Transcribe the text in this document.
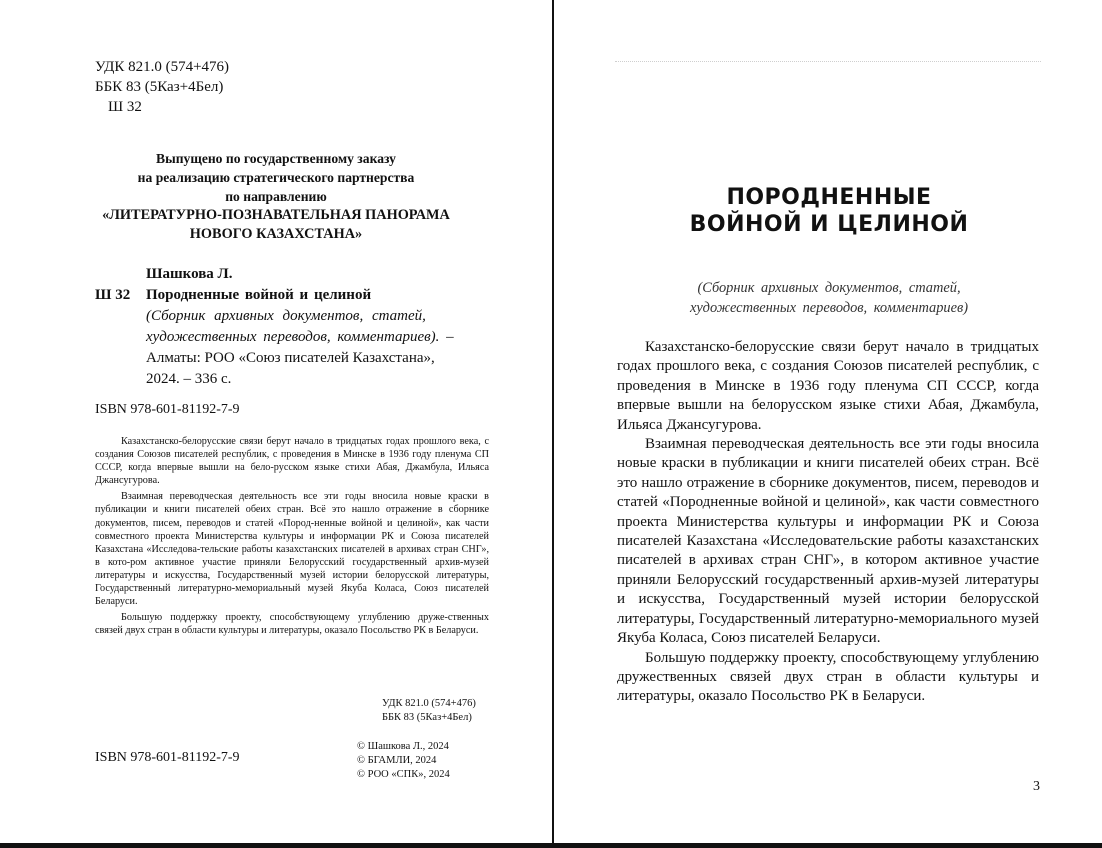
УДК 821.0 (574+476)
ББК 83 (5Каз+4Бел)
Ш 32
Выпущено по государственному заказу
на реализацию стратегического партнерства
по направлению
«ЛИТЕРАТУРНО-ПОЗНАВАТЕЛЬНАЯ ПАНОРАМА
НОВОГО КАЗАХСТАНА»
Шашкова Л.
Ш 32 Породненные войной и целиной
(Сборник архивных документов, статей,
художественных переводов, комментариев). –
Алматы: РОО «Союз писателей Казахстана»,
2024. – 336 с.
ISBN 978-601-81192-7-9

Казахстанско-белорусские связи берут начало в тридцатых годах прошлого века, с создания Союзов писателей республик, с проведения в Минске в 1936 году пленума СП СССР, когда впервые вышли на бело-русском языке стихи Абая, Джамбула, Ильяса Джансугурова.

Взаимная переводческая деятельность все эти годы вносила новые краски в публикации и книги писателей обеих стран. Всё это нашло отражение в сборнике документов, писем, переводов и статей «Пород-ненные войной и целиной», как части совместного проекта Министерства культуры и информации РК и Союза писателей Казахстана «Исследова-тельские работы казахстанских писателей в архивах стран СНГ», в кото-ром активное участие приняли Белорусский государственный архив-музей литературы и искусства, Государственный музей истории белорусской литературы, Государственный литературно-мемориальный музей Якуба Коласа, Союз писателей Беларуси.

Большую поддержку проекту, способствующему углублению друже-ственных связей двух стран в области культуры и литературы, оказало Посольство РК в Беларуси.

УДК 821.0 (574+476)
ББК 83 (5Каз+4Бел)
ISBN 978-601-81192-7-9
© Шашкова Л., 2024
© БГАМЛИ, 2024
© РОО «СПК», 2024
ПОРОДНЕННЫЕ
ВОЙНОЙ И ЦЕЛИНОЙ
(Сборник архивных документов, статей,
художественных переводов, комментариев)

Казахстанско-белорусские связи берут начало в тридцатых годах прошлого века, с создания Союзов писателей республик, с проведения в Минске в 1936 году пленума СП СССР, когда впервые вышли на белорусском языке стихи Абая, Джамбула, Ильяса Джансугурова.

Взаимная переводческая деятельность все эти годы вносила новые краски в публикации и книги писателей обеих стран. Всё это нашло отражение в сборнике документов, писем, переводов и статей «Породненные войной и целиной», как части совместного проекта Министерства культуры и информации РК и Союза писателей Казахстана «Исследовательские работы казахстанских писателей в архивах стран СНГ», в котором активное участие приняли Белорусский государственный архив-музей литературы и искусства, Государственный музей истории белорусской литературы, Государственный литературно-мемориального музей Якуба Коласа, Союз писателей Беларуси.

Большую поддержку проекту, способствующему углублению дружественных связей двух стран в области культуры и литературы, оказало Посольство РК в Беларуси.

3
